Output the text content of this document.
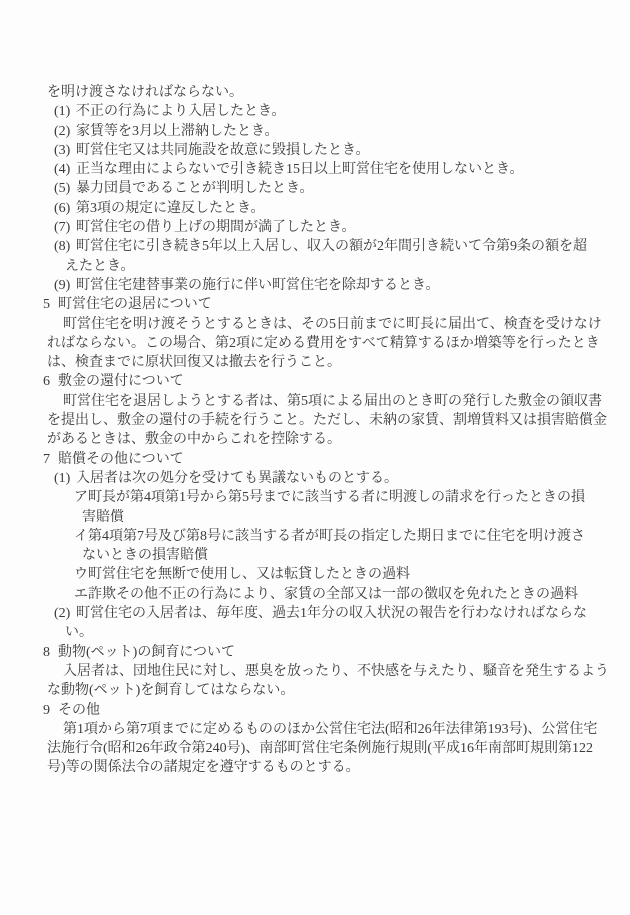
を明け渡さなければならない。
(1) 不正の行為により入居したとき。
(2) 家賃等を3月以上滞納したとき。
(3) 町営住宅又は共同施設を故意に毀損したとき。
(4) 正当な理由によらないで引き続き15日以上町営住宅を使用しないとき。
(5) 暴力団員であることが判明したとき。
(6) 第3項の規定に違反したとき。
(7) 町営住宅の借り上げの期間が満了したとき。
(8) 町営住宅に引き続き5年以上入居し、収入の額が2年間引き続いて令第9条の額を超
えたとき。
(9) 町営住宅建替事業の施行に伴い町営住宅を除却するとき。
5 町営住宅の退居について
町営住宅を明け渡そうとするときは、その5日前までに町長に届出て、検査を受けなけ
ればならない。この場合、第2項に定める費用をすべて精算するほか増築等を行ったとき
は、検査までに原状回復又は撤去を行うこと。
6 敷金の還付について
町営住宅を退居しようとする者は、第5項による届出のとき町の発行した敷金の領収書
を提出し、敷金の還付の手続を行うこと。ただし、未納の家賃、割増賃料又は損害賠償金
があるときは、敷金の中からこれを控除する。
7 賠償その他について
(1) 入居者は次の処分を受けても異議ないものとする。
ア町長が第4項第1号から第5号までに該当する者に明渡しの請求を行ったときの損
害賠償
イ第4項第7号及び第8号に該当する者が町長の指定した期日までに住宅を明け渡さ
ないときの損害賠償
ウ町営住宅を無断で使用し、又は転貸したときの過料
エ詐欺その他不正の行為により、家賃の全部又は一部の徴収を免れたときの過料
(2) 町営住宅の入居者は、毎年度、過去1年分の収入状況の報告を行わなければならな
い。
8 動物(ペット)の飼育について
入居者は、団地住民に対し、悪臭を放ったり、不快感を与えたり、騒音を発生するよう
な動物(ペット)を飼育してはならない。
9 その他
第1項から第7項までに定めるもののほか公営住宅法(昭和26年法律第193号)、公営住宅
法施行令(昭和26年政令第240号)、南部町営住宅条例施行規則(平成16年南部町規則第122
号)等の関係法令の諸規定を遵守するものとする。
